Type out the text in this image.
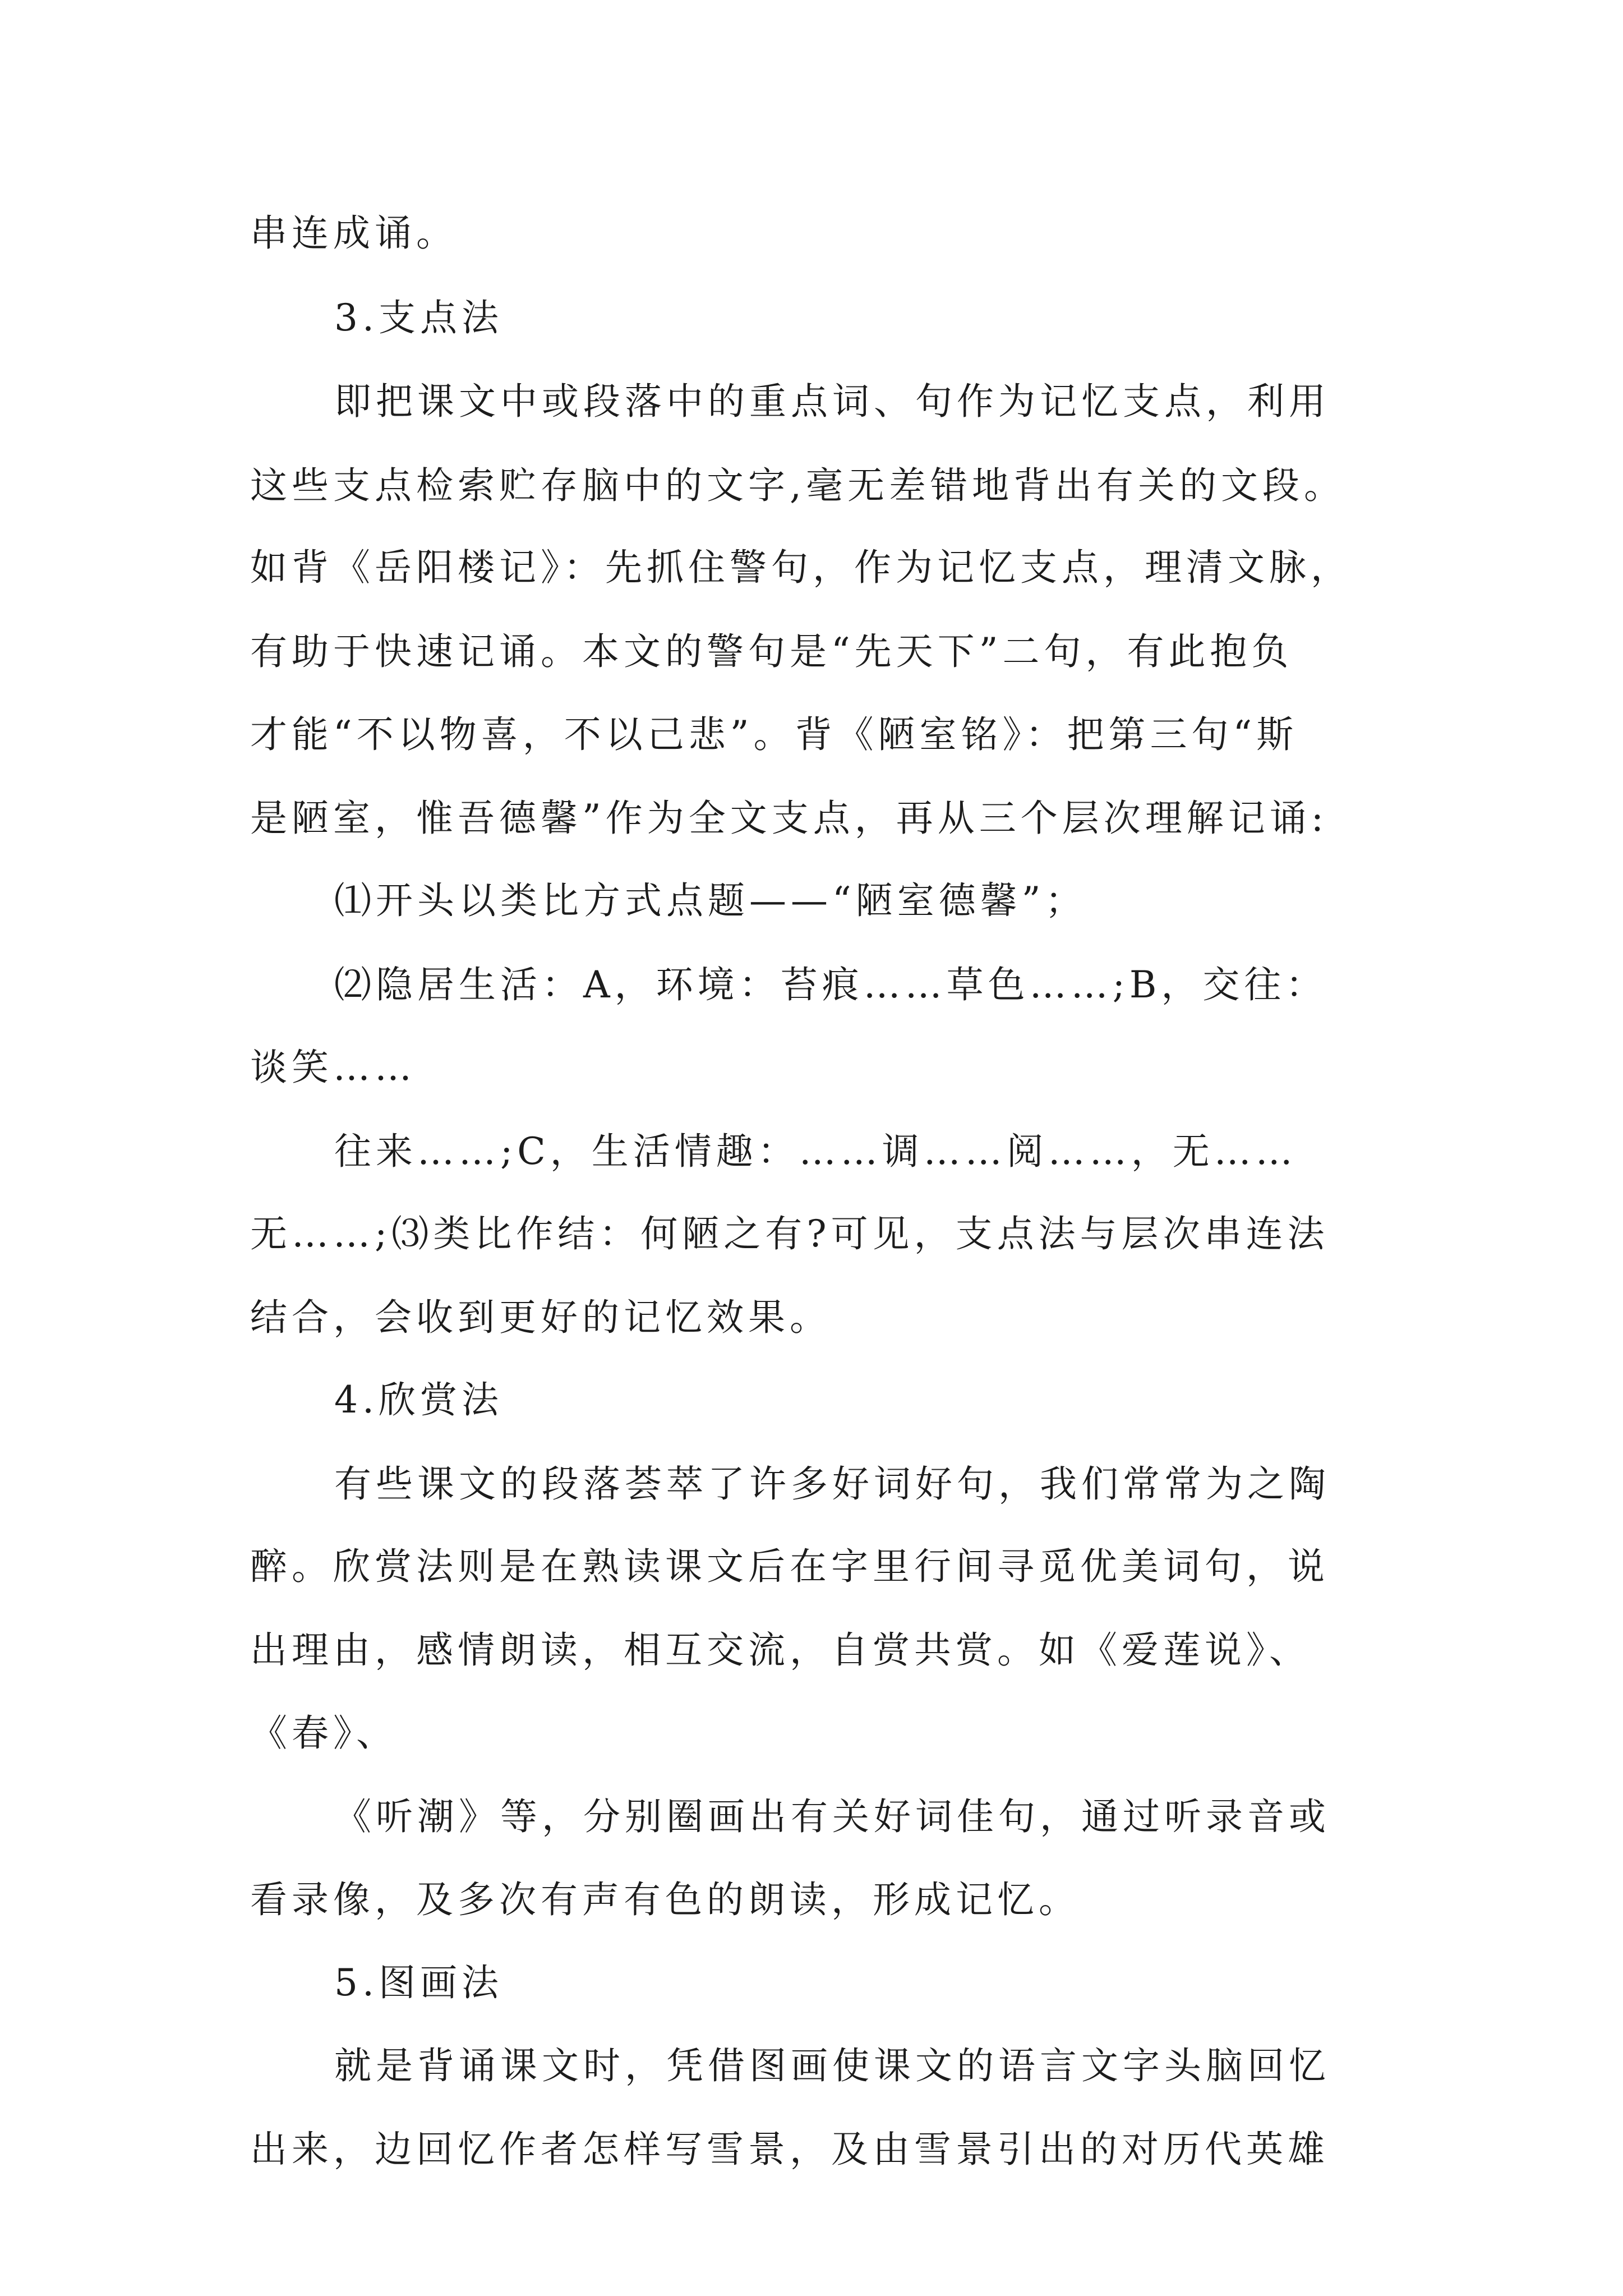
串连成诵。
3.支点法
即把课文中或段落中的重点词、句作为记忆支点，利用
这些支点检索贮存脑中的文字,毫无差错地背出有关的文段。
如背《岳阳楼记》：先抓住警句，作为记忆支点，理清文脉，
有助于快速记诵。本文的警句是“先天下”二句，有此抱负
才能“不以物喜，不以己悲”。背《陋室铭》：把第三句“斯
是陋室，惟吾德馨”作为全文支点，再从三个层次理解记诵:
⑴开头以类比方式点题——“陋室德馨”；
⑵隐居生活：A，环境：苔痕……草色……;B，交往：
谈笑……
往来……;C，生活情趣：……调……阅……，无……
无……;⑶类比作结：何陋之有?可见，支点法与层次串连法
结合，会收到更好的记忆效果。
4.欣赏法
有些课文的段落荟萃了许多好词好句，我们常常为之陶
醉。欣赏法则是在熟读课文后在字里行间寻觅优美词句，说
出理由，感情朗读，相互交流，自赏共赏。如《爱莲说》、
《春》、
《听潮》等，分别圈画出有关好词佳句，通过听录音或
看录像，及多次有声有色的朗读，形成记忆。
5.图画法
就是背诵课文时，凭借图画使课文的语言文字头脑回忆
出来，边回忆作者怎样写雪景，及由雪景引出的对历代英雄
